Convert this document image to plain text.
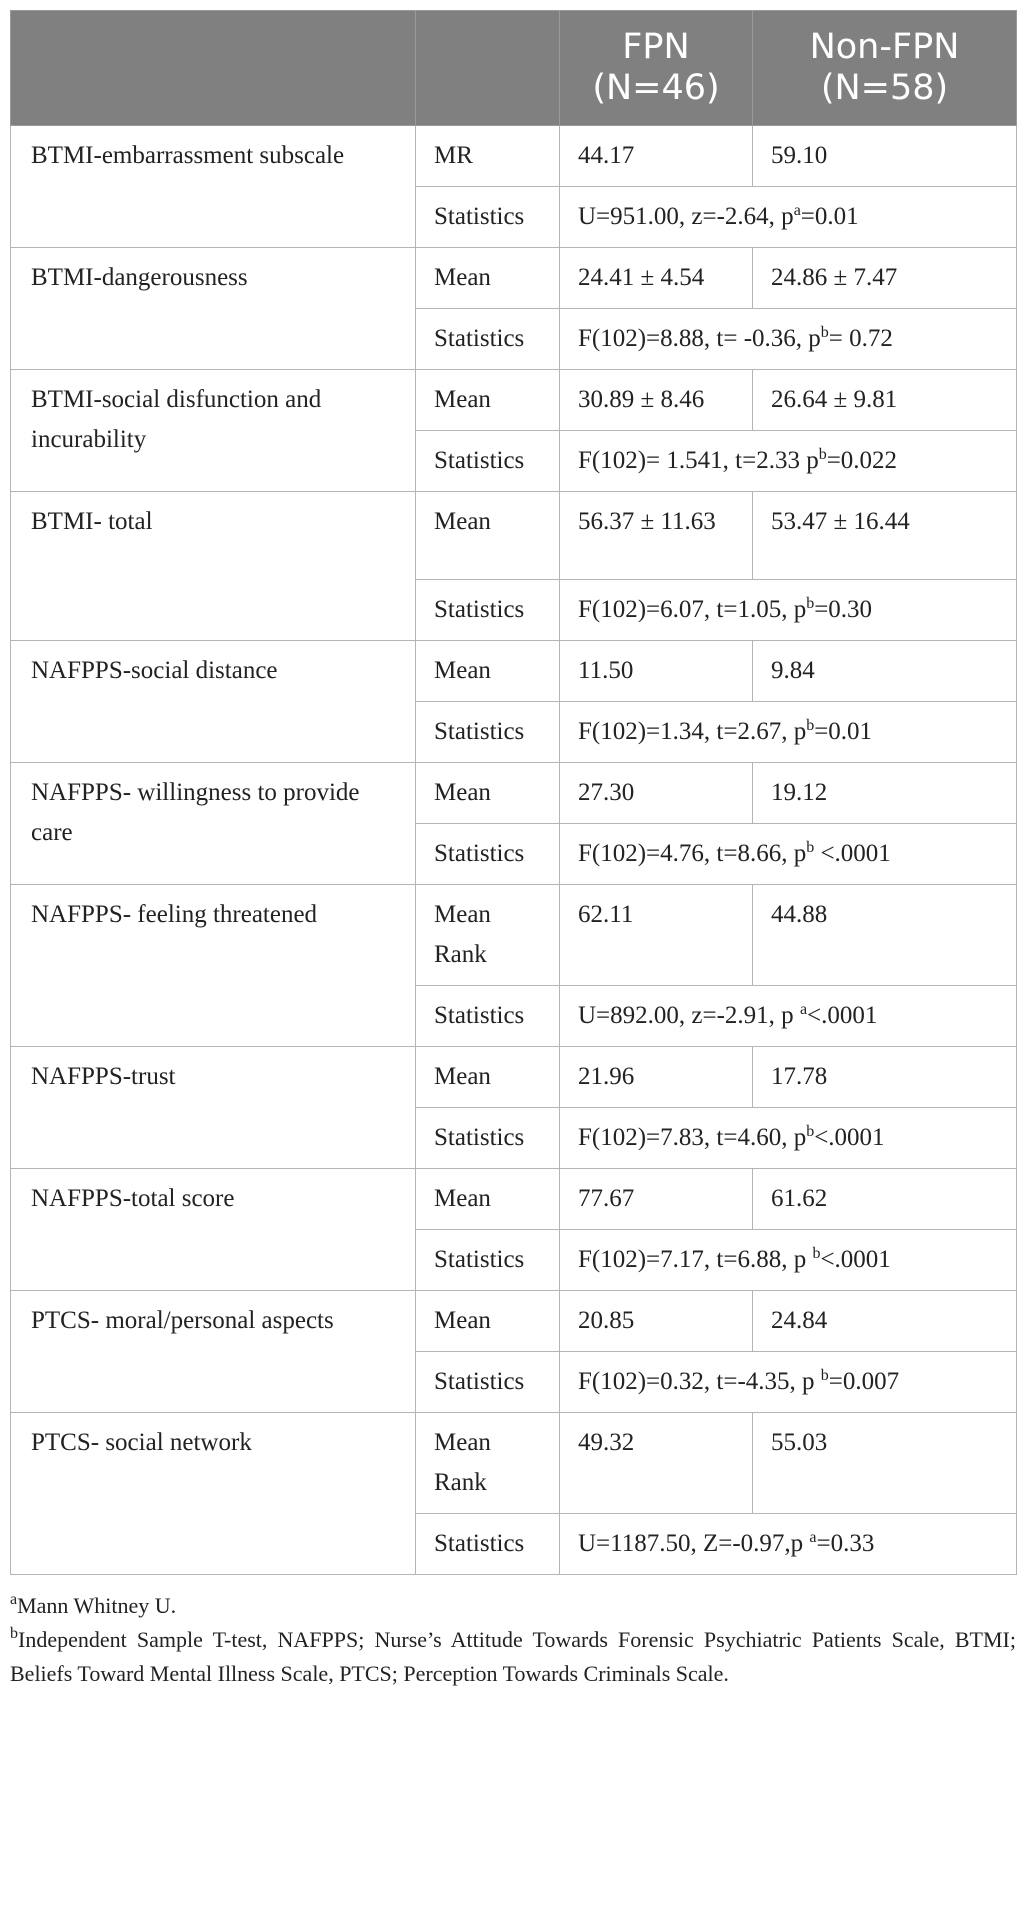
		FPN (N=46)	Non-FPN (N=58)
BTMI-embarrassment subscale	MR	44.17	59.10
	Statistics	U=951.00, z=-2.64, $p^a=0.01$	
BTMI-dangerousness	Mean	24.41 ± 4.54	24.86 ± 7.47
	Statistics	F(102)=8.88, t= -0.36, $p^b= 0.72$	
BTMI-social disfunction and incurability	Mean	30.89 ± 8.46	26.64 ± 9.81
	Statistics	F(102)= 1.541, t=2.33 $p^b=0.022$	
BTMI- total	Mean	56.37 ± 11.63	53.47 ± 16.44
	Statistics	F(102)=6.07, t=1.05, $p^b=0.30$	
NAFPPS-social distance	Mean	11.50	9.84
	Statistics	F(102)=1.34, t=2.67, $p^b=0.01$	
NAFPPS- willingness to provide care	Mean	27.30	19.12
	Statistics	F(102)=4.76, t=8.66, $p^b <.0001$	
NAFPPS- feeling threatened	Mean Rank	62.11	44.88
	Statistics	U=892.00, z=-2.91, p $^a$<.0001	
NAFPPS-trust	Mean	21.96	17.78
	Statistics	F(102)=7.83, t=4.60, $p^b<.0001$	
NAFPPS-total score	Mean	77.67	61.62
	Statistics	F(102)=7.17, t=6.88, p $^b$<.0001	
PTCS- moral/personal aspects	Mean	20.85	24.84
	Statistics	F(102)=0.32, t=-4.35, p $^b$=0.007	
PTCS- social network	Mean Rank	49.32	55.03
	Statistics	U=1187.50, Z=-0.97,p $^a$=0.33	

$^a$Mann Whitney U.

$^b$Independent Sample T-test, NAFPPS; Nurse’s Attitude Towards Forensic Psychiatric Patients Scale, BTMI; Beliefs Toward Mental Illness Scale, PTCS; Perception Towards Criminals Scale.
